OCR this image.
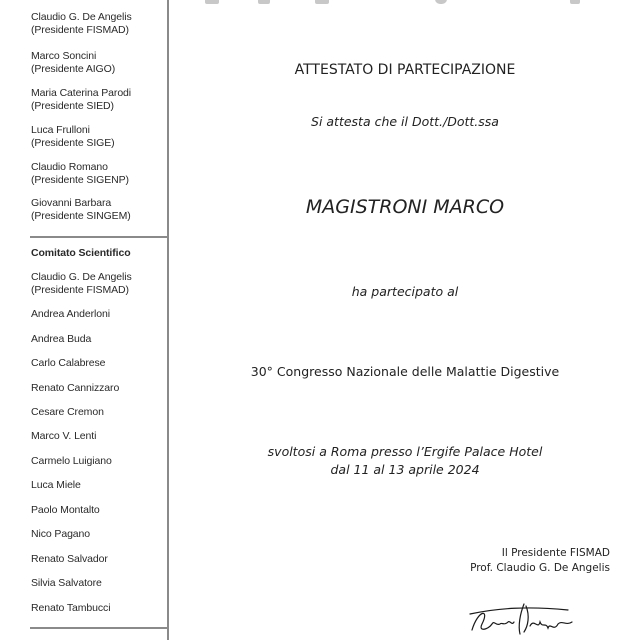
Claudio G. De Angelis
(Presidente FISMAD)
Marco Soncini
(Presidente AIGO)
Maria Caterina Parodi
(Presidente SIED)
Luca Frulloni
(Presidente SIGE)
Claudio Romano
(Presidente SIGENP)
Giovanni Barbara
(Presidente SINGEM)
Comitato Scientifico
Claudio G. De Angelis
(Presidente FISMAD)
Andrea Anderloni
Andrea Buda
Carlo Calabrese
Renato Cannizzaro
Cesare Cremon
Marco V. Lenti
Carmelo Luigiano
Luca Miele
Paolo Montalto
Nico Pagano
Renato Salvador
Silvia Salvatore
Renato Tambucci
ATTESTATO DI PARTECIPAZIONE
Si attesta che il Dott./Dott.ssa
MAGISTRONI MARCO
ha partecipato al
30° Congresso Nazionale delle Malattie Digestive
svoltosi a Roma presso l’Ergife Palace Hotel
dal 11 al 13 aprile 2024
Il Presidente FISMAD
Prof. Claudio G. De Angelis
